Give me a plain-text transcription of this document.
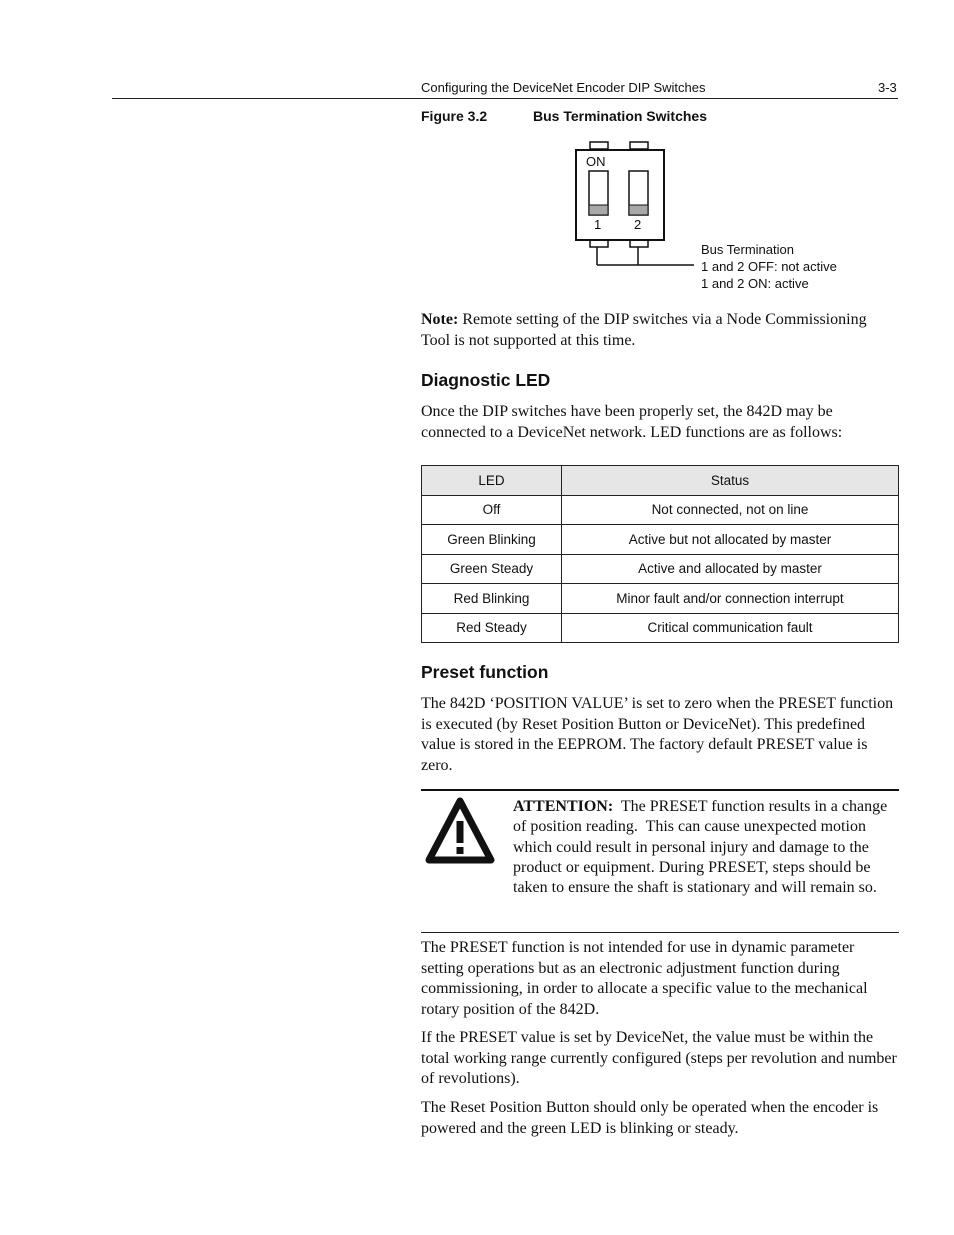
Configuring the DeviceNet Encoder DIP Switches	3-3
Figure 3.2	Bus Termination Switches
ON
1	2
Bus Termination
1 and 2 OFF: not active
1 and 2 ON: active

Note: Remote setting of the DIP switches via a Node Commissioning Tool is not supported at this time.

Diagnostic LED

Once the DIP switches have been properly set, the 842D may be connected to a DeviceNet network. LED functions are as follows:

LED	Status
Off	Not connected, not on line
Green Blinking	Active but not allocated by master
Green Steady	Active and allocated by master
Red Blinking	Minor fault and/or connection interrupt
Red Steady	Critical communication fault
Preset function

The 842D ‘POSITION VALUE’ is set to zero when the PRESET function is executed (by Reset Position Button or DeviceNet). This predefined value is stored in the EEPROM. The factory default PRESET value is zero.

ATTENTION:  The PRESET function results in a change of position reading.  This can cause unexpected motion which could result in personal injury and damage to the product or equipment. During PRESET, steps should be taken to ensure the shaft is stationary and will remain so.

The PRESET function is not intended for use in dynamic parameter setting operations but as an electronic adjustment function during commissioning, in order to allocate a specific value to the mechanical rotary position of the 842D.

If the PRESET value is set by DeviceNet, the value must be within the total working range currently configured (steps per revolution and number of revolutions).

The Reset Position Button should only be operated when the encoder is powered and the green LED is blinking or steady.
